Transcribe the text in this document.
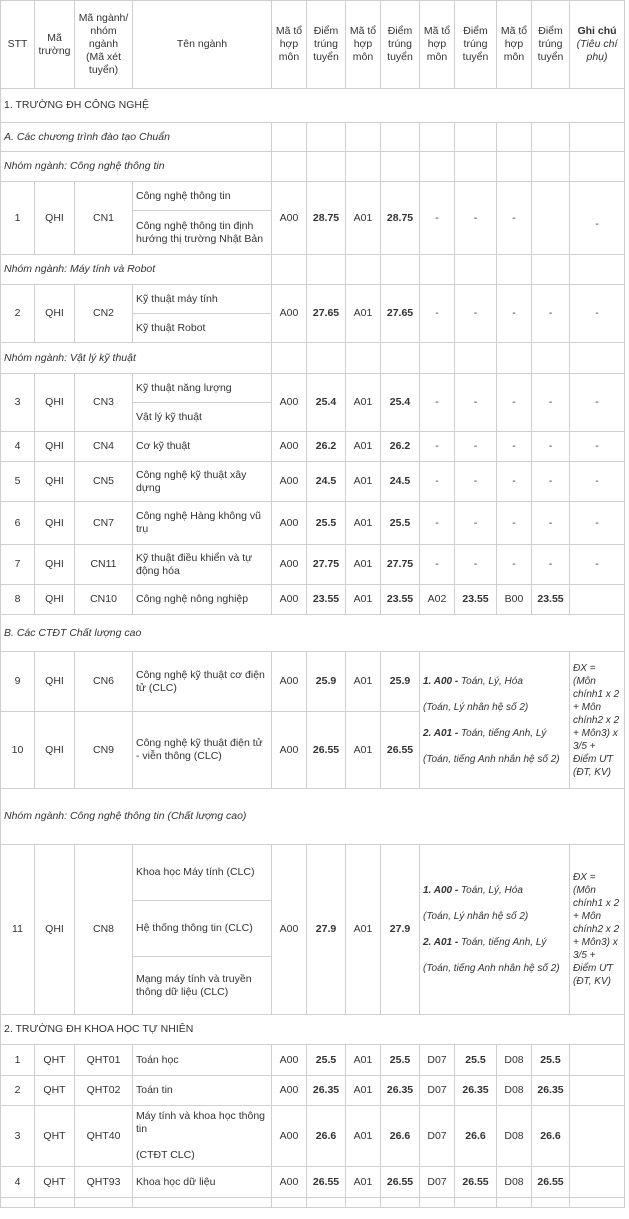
STT	Mã trường	Mã ngành/ nhóm ngành
(Mã xét tuyển)	Tên ngành	Mã tổ hợp môn	Điểm trúng tuyển	Mã tổ hợp môn	Điểm trúng tuyển	Mã tổ hợp môn	Điểm trúng tuyển	Mã tổ hợp môn	Điểm trúng tuyển	Ghi chú
(Tiêu chí phụ)
1. TRƯỜNG ĐH CÔNG NGHỆ												
A. Các chương trình đào tạo Chuẩn												
Nhóm ngành: Công nghệ thông tin												
1	QHI	CN1	Công nghệ thông tin	A00	28.75	A01	28.75	-	-	-		-
			Công nghệ thông tin định hướng thị trường Nhật Bản									
Nhóm ngành: Máy tính và Robot												
2	QHI	CN2	Kỹ thuật máy tính	A00	27.65	A01	27.65	-	-	-	-	-
			Kỹ thuật Robot									
Nhóm ngành: Vật lý kỹ thuật												
3	QHI	CN3	Kỹ thuật năng lượng	A00	25.4	A01	25.4	-	-	-	-	-
			Vật lý kỹ thuật									
4	QHI	CN4	Cơ kỹ thuật	A00	26.2	A01	26.2	-	-	-	-	-
5	QHI	CN5	Công nghệ kỹ thuật xây dựng	A00	24.5	A01	24.5	-	-	-	-	-
6	QHI	CN7	Công nghệ Hàng không vũ trụ	A00	25.5	A01	25.5	-	-	-	-	-
7	QHI	CN11	Kỹ thuật điều khiển và tự động hóa	A00	27.75	A01	27.75	-	-	-	-	-
8	QHI	CN10	Công nghệ nông nghiệp	A00	23.55	A01	23.55	A02	23.55	B00	23.55	
B. Các CTĐT Chất lượng cao												
9	QHI	CN6	Công nghệ kỹ thuật cơ điện tử (CLC)	A00	25.9	A01	25.9	1. A00 - Toán, Lý, Hóa

(Toán, Lý nhân hệ số 2)

2. A01 - Toán, tiếng Anh, Lý

(Toán, tiếng Anh nhân hệ số 2)				ĐX = (Môn chính1 x 2 + Môn chính2 x 2 + Môn3) x 3/5 + Điểm ƯT (ĐT, KV)
10	QHI	CN9	Công nghệ kỹ thuật điện tử - viễn thông (CLC)	A00	26.55	A01	26.55					
Nhóm ngành: Công nghệ thông tin (Chất lượng cao)												
11	QHI	CN8	Khoa học Máy tính (CLC)	A00	27.9	A01	27.9	1. A00 - Toán, Lý, Hóa

(Toán, Lý nhân hệ số 2)

2. A01 - Toán, tiếng Anh, Lý

(Toán, tiếng Anh nhân hệ số 2)				ĐX = (Môn chính1 x 2 + Môn chính2 x 2 + Môn3) x 3/5 + Điểm ƯT (ĐT, KV)
			Hệ thống thông tin (CLC)									
			Mạng máy tính và truyền thông dữ liệu (CLC)									
2. TRƯỜNG ĐH KHOA HỌC TỰ NHIÊN												
1	QHT	QHT01	Toán học	A00	25.5	A01	25.5	D07	25.5	D08	25.5	
2	QHT	QHT02	Toán tin	A00	26.35	A01	26.35	D07	26.35	D08	26.35	
3	QHT	QHT40	Máy tính và khoa học thông tin

(CTĐT CLC)	A00	26.6	A01	26.6	D07	26.6	D08	26.6	
4	QHT	QHT93	Khoa học dữ liệu	A00	26.55	A01	26.55	D07	26.55	D08	26.55	
